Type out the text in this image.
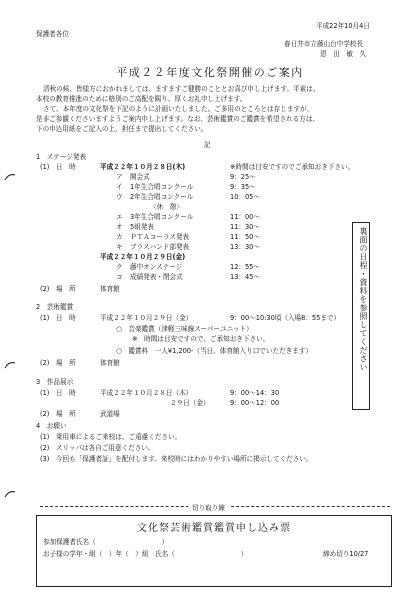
平成22年10月4日
保護者各位
春日井市立藤山台中学校長
恩　田　敏　久
平成２２年度文化祭開催のご案内
清秋の候、皆様方におかれましては、ますますご健勝のこととお喜び申し上げます。平素は、
本校の教育推進のために格別のご高配を賜り、厚くお礼申し上げます。
さて、本年度の文化祭を下記のように計画いたしました。ご多用のところとは存じますが、
是非ご参観くださいますようご案内申し上げます。なお、芸術鑑賞のご鑑賞を希望される方は、
下の申込用紙をご記入の上、担任まで提出してください。
記
1　ステージ発表
(1)　日　時	平成２２年１０月２８日(木)	※時間は目安ですのでご承知おき下さい。
ア 開会式	9：25～
イ 1年生合唱コンクール	9：35～
ウ 2年生合唱コンクール	10：05～
〈休　憩〉
エ 3年生合唱コンクール	11：00～
オ 5組発表	11：30～
カ ＰＴＡコーラス発表	11：50～
キ ブラスバンド部発表	13：30～
平成２２年１０月２９日(金)
ク 藤中オンステージ	12：55～
コ 成績発表・閉会式	13：45～
(2)　場　所	体育館
2　芸術鑑賞
(1)　日　時	平成２２年１０月２９日（金）	9：00～10:30頃（入場8：55まで）
○　音楽鑑賞（津軽三味線スーパーユニット）
※　時間は目安ですので、ご承知おき下さい。
○　鑑賞料　一人¥1,200-（当日、体育館入り口でいただきます）
(2)　場　所	体育館
3　作品展示
(1)　日　時	平成２２年１０月２８日（木）	9：00～14：30
２９日（金）	9：00～12：00
(2)　場　所	武道場
4　お願い
(1)　乗用車によるご来校は、ご遠慮ください。
(2)　スリッパは各自ご用意ください。
(3)　今回も「保護者証」を配付します。来校時にはわかりやすい場所に掲示してください。
裏面の日程・資料を参照してください
切り取り線
文化祭芸術鑑賞鑑賞申し込み票
参加保護者氏名（　　　　　　　　　　）
お子様の学年・組（　）年（　）組　氏名（　　　　　　　　　　）	締め切り10/27
